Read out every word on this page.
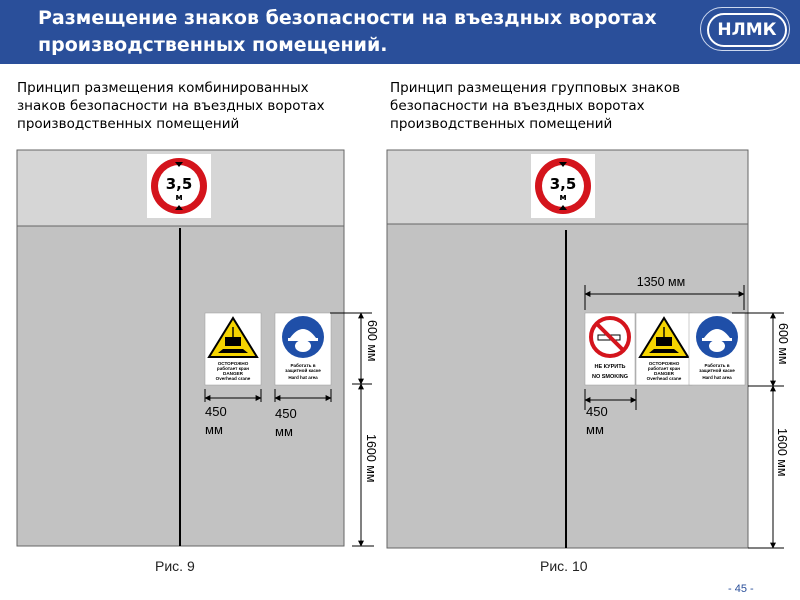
Размещение знаков безопасности на въездных воротах производственных помещений.
НЛМК
Принцип размещения комбинированных знаков безопасности на въездных воротах производственных помещений
Принцип размещения групповых знаков безопасности на въездных воротах производственных помещений
3,5
м
ОСТОРОЖНО
работает кран
DANGER
Overhead crane
Работать в
защитной каске
Hard hat area
450 мм
450 мм
600 мм
1600 мм
3,5
м
1350 мм
НЕ КУРИТЬ
NO SMOKING
ОСТОРОЖНО
работает кран
DANGER
Overhead crane
Работать в
защитной каске
Hard hat area
450 мм
600 мм
1600 мм
Рис. 9	Рис. 10
- 45 -
